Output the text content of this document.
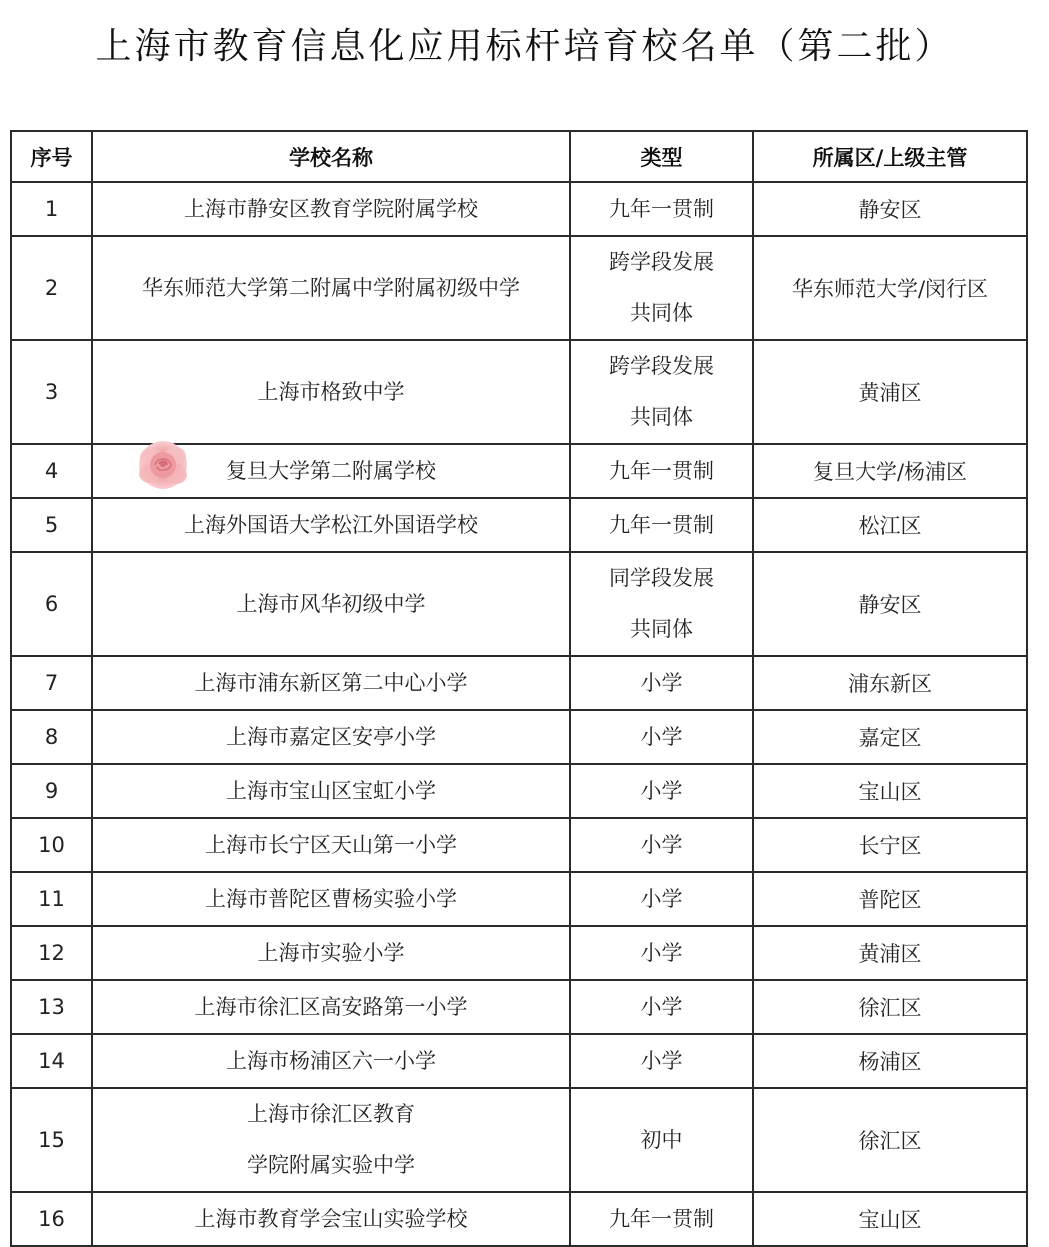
上海市教育信息化应用标杆培育校名单（第二批）
序号	学校名称	类型	所属区/上级主管
1	上海市静安区教育学院附属学校	九年一贯制	静安区
2	华东师范大学第二附属中学附属初级中学	跨学段发展
共同体	华东师范大学/闵行区
3	上海市格致中学	跨学段发展
共同体	黄浦区
4	复旦大学第二附属学校	九年一贯制	复旦大学/杨浦区
5	上海外国语大学松江外国语学校	九年一贯制	松江区
6	上海市风华初级中学	同学段发展
共同体	静安区
7	上海市浦东新区第二中心小学	小学	浦东新区
8	上海市嘉定区安亭小学	小学	嘉定区
9	上海市宝山区宝虹小学	小学	宝山区
10	上海市长宁区天山第一小学	小学	长宁区
11	上海市普陀区曹杨实验小学	小学	普陀区
12	上海市实验小学	小学	黄浦区
13	上海市徐汇区高安路第一小学	小学	徐汇区
14	上海市杨浦区六一小学	小学	杨浦区
15	上海市徐汇区教育
学院附属实验中学	初中	徐汇区
16	上海市教育学会宝山实验学校	九年一贯制	宝山区
